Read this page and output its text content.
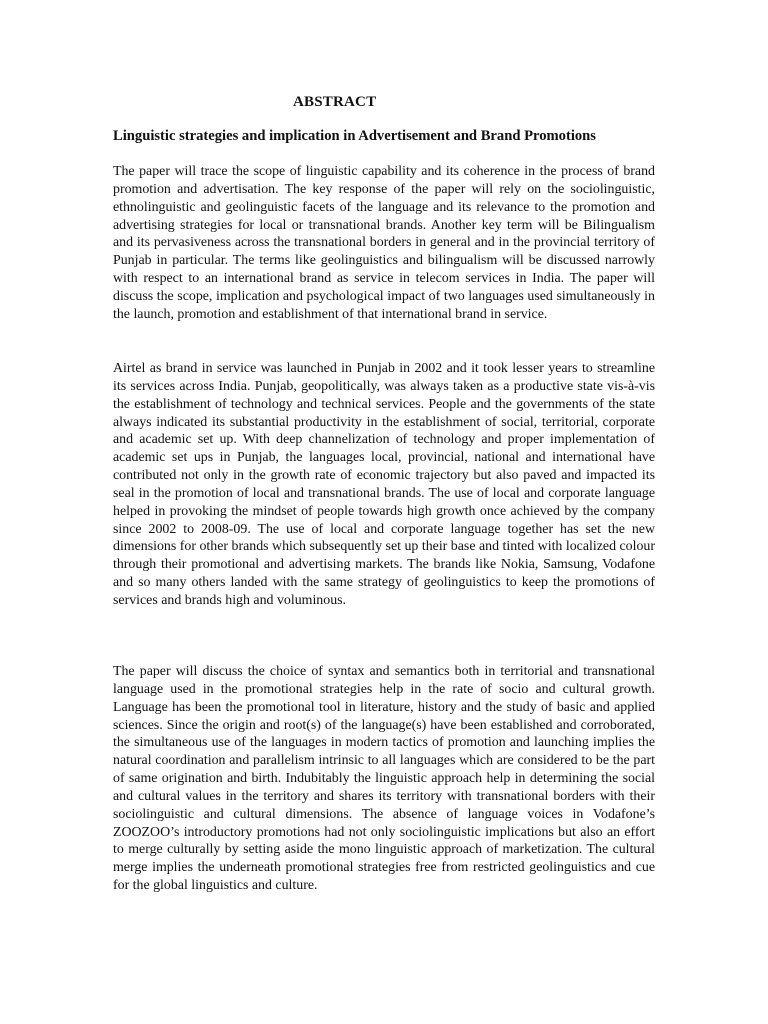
ABSTRACT
Linguistic strategies and implication in Advertisement and Brand Promotions

The paper will trace the scope of linguistic capability and its coherence in the process of brand promotion and advertisation. The key response of the paper will rely on the sociolinguistic, ethnolinguistic and geolinguistic facets of the language and its relevance to the promotion and advertising strategies for local or transnational brands. Another key term will be Bilingualism and its pervasiveness across the transnational borders in general and in the provincial territory of Punjab in particular. The terms like geolinguistics and bilingualism will be discussed narrowly with respect to an international brand as service in telecom services in India. The paper will discuss the scope, implication and psychological impact of two languages used simultaneously in the launch, promotion and establishment of that international brand in service.

Airtel as brand in service was launched in Punjab in 2002 and it took lesser years to streamline its services across India. Punjab, geopolitically, was always taken as a productive state vis-à-vis the establishment of technology and technical services. People and the governments of the state always indicated its substantial productivity in the establishment of social, territorial, corporate and academic set up. With deep channelization of technology and proper implementation of academic set ups in Punjab, the languages local, provincial, national and international have contributed not only in the growth rate of economic trajectory but also paved and impacted its seal in the promotion of local and transnational brands. The use of local and corporate language helped in provoking the mindset of people towards high growth once achieved by the company since 2002 to 2008-09. The use of local and corporate language together has set the new dimensions for other brands which subsequently set up their base and tinted with localized colour through their promotional and advertising markets. The brands like Nokia, Samsung, Vodafone and so many others landed with the same strategy of geolinguistics to keep the promotions of services and brands high and voluminous.

The paper will discuss the choice of syntax and semantics both in territorial and transnational language used in the promotional strategies help in the rate of socio and cultural growth. Language has been the promotional tool in literature, history and the study of basic and applied sciences. Since the origin and root(s) of the language(s) have been established and corroborated, the simultaneous use of the languages in modern tactics of promotion and launching implies the natural coordination and parallelism intrinsic to all languages which are considered to be the part of same origination and birth. Indubitably the linguistic approach help in determining the social and cultural values in the territory and shares its territory with transnational borders with their sociolinguistic and cultural dimensions. The absence of language voices in Vodafone’s ZOOZOO’s introductory promotions had not only sociolinguistic implications but also an effort to merge culturally by setting aside the mono linguistic approach of marketization. The cultural merge implies the underneath promotional strategies free from restricted geolinguistics and cue for the global linguistics and culture.
